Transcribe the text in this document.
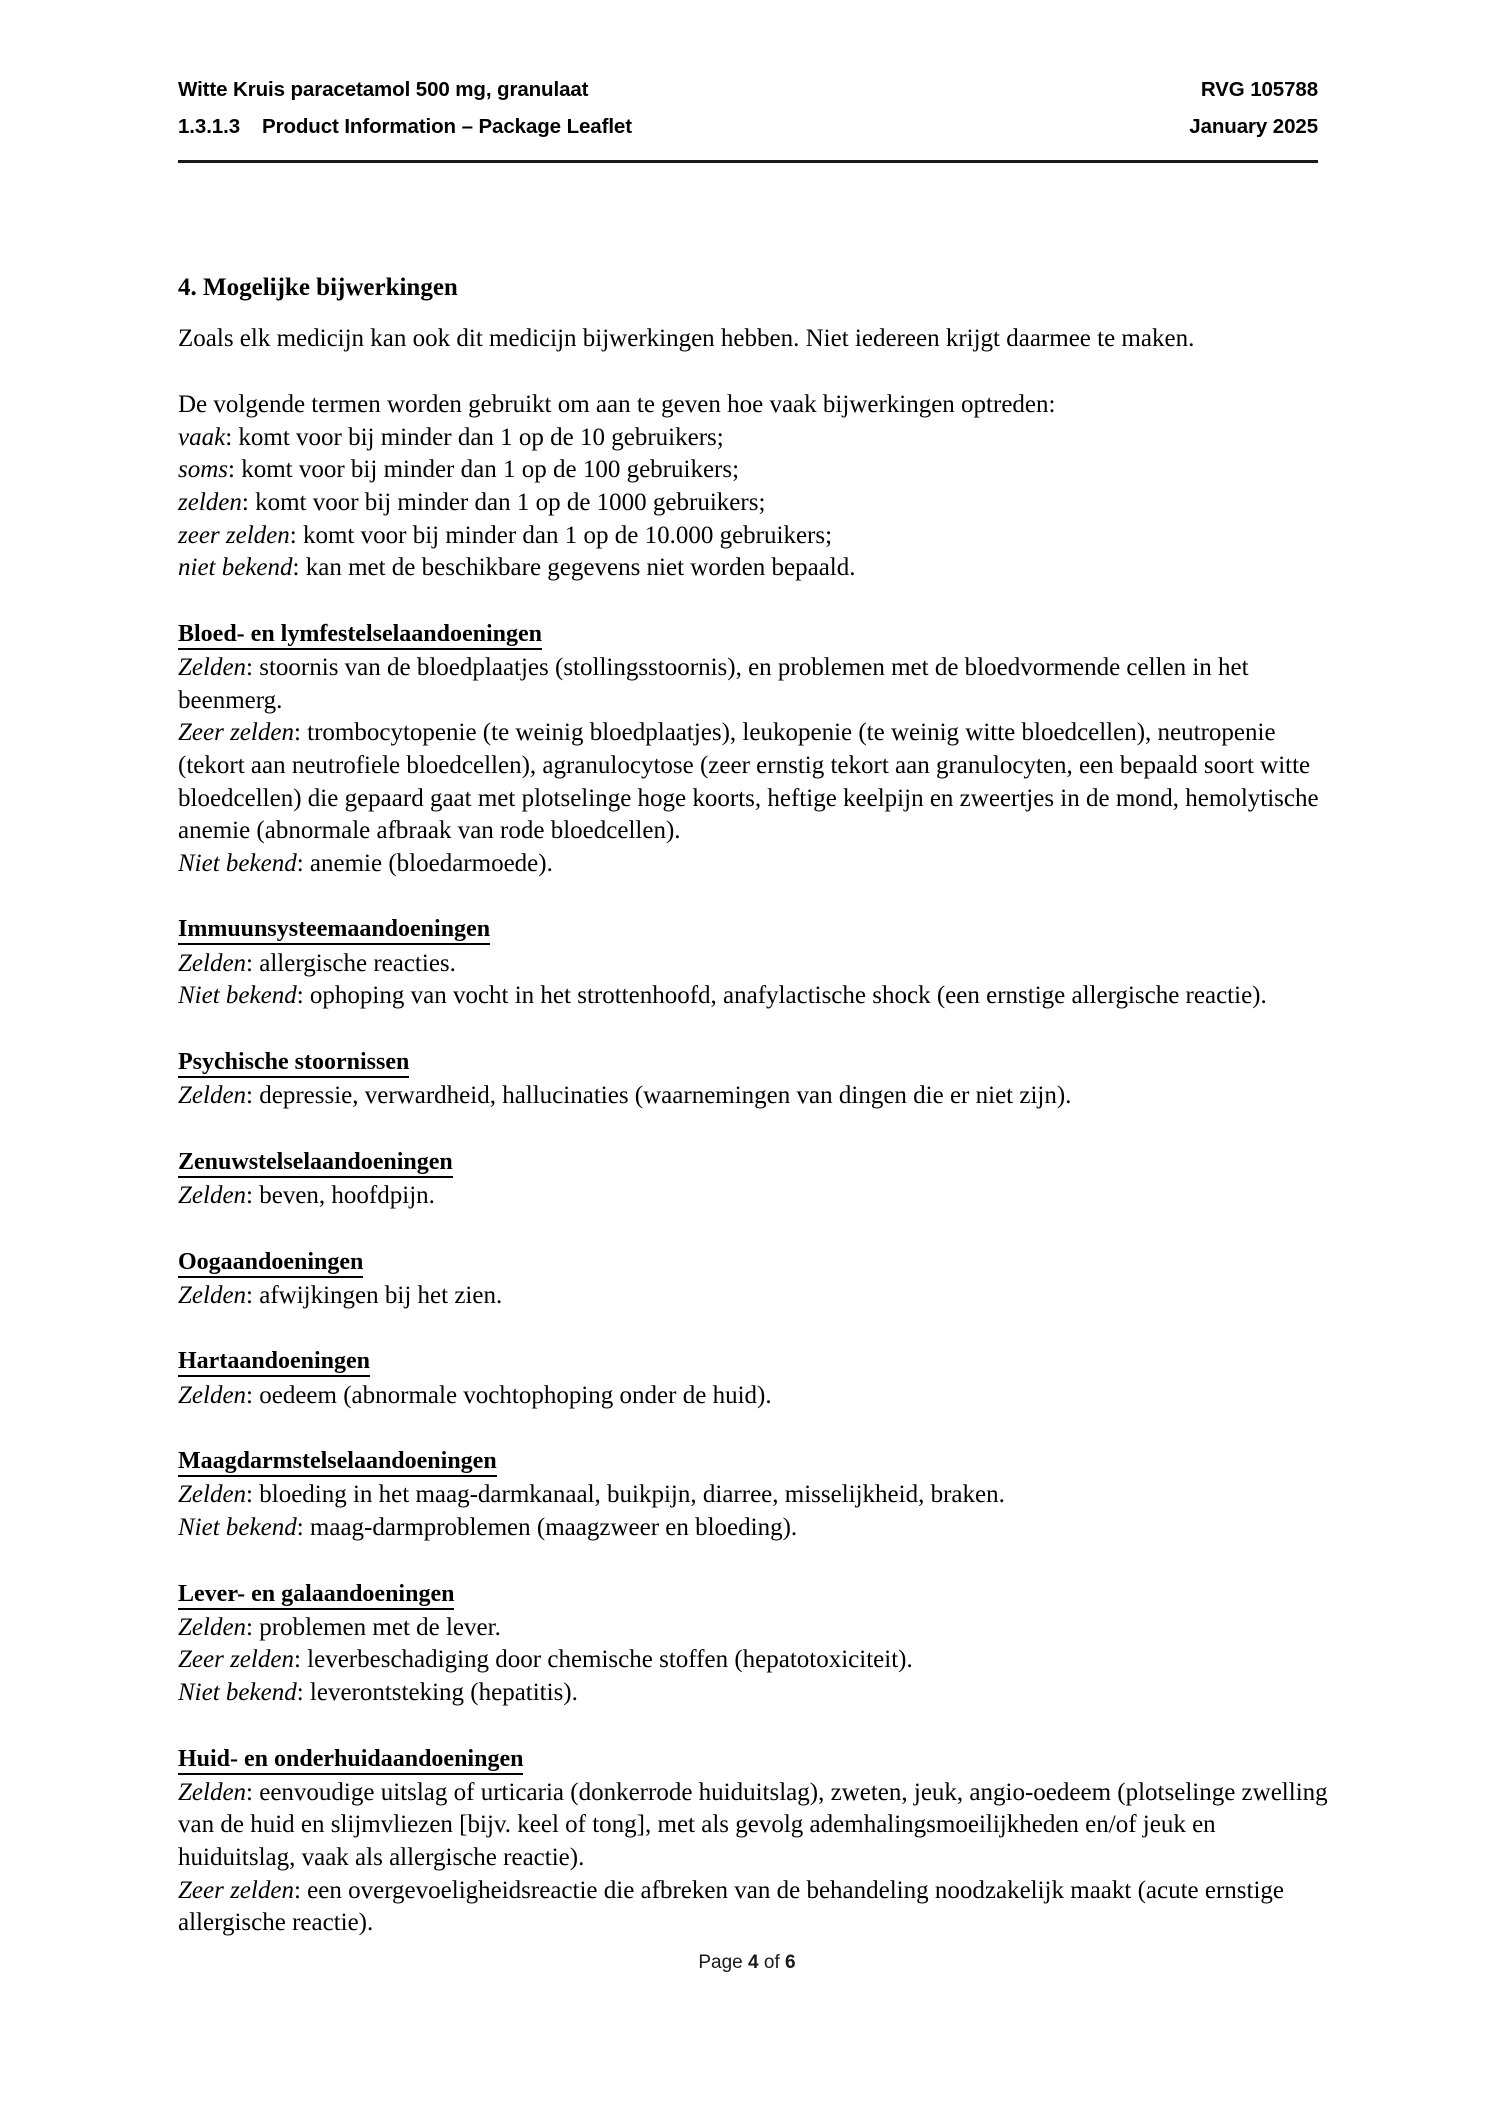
Witte Kruis paracetamol 500 mg, granulaat	RVG 105788
1.3.1.3 Product Information – Package Leaflet	January 2025
4. Mogelijke bijwerkingen

Zoals elk medicijn kan ook dit medicijn bijwerkingen hebben. Niet iedereen krijgt daarmee te maken.

De volgende termen worden gebruikt om aan te geven hoe vaak bijwerkingen optreden:

vaak: komt voor bij minder dan 1 op de 10 gebruikers;

soms: komt voor bij minder dan 1 op de 100 gebruikers;

zelden: komt voor bij minder dan 1 op de 1000 gebruikers;

zeer zelden: komt voor bij minder dan 1 op de 10.000 gebruikers;

niet bekend: kan met de beschikbare gegevens niet worden bepaald.

Bloed- en lymfestelselaandoeningen

Zelden: stoornis van de bloedplaatjes (stollingsstoornis), en problemen met de bloedvormende cellen in het beenmerg.

Zeer zelden: trombocytopenie (te weinig bloedplaatjes), leukopenie (te weinig witte bloedcellen), neutropenie (tekort aan neutrofiele bloedcellen), agranulocytose (zeer ernstig tekort aan granulocyten, een bepaald soort witte bloedcellen) die gepaard gaat met plotselinge hoge koorts, heftige keelpijn en zweertjes in de mond, hemolytische anemie (abnormale afbraak van rode bloedcellen).

Niet bekend: anemie (bloedarmoede).

Immuunsysteemaandoeningen

Zelden: allergische reacties.

Niet bekend: ophoping van vocht in het strottenhoofd, anafylactische shock (een ernstige allergische reactie).

Psychische stoornissen

Zelden: depressie, verwardheid, hallucinaties (waarnemingen van dingen die er niet zijn).

Zenuwstelselaandoeningen

Zelden: beven, hoofdpijn.

Oogaandoeningen

Zelden: afwijkingen bij het zien.

Hartaandoeningen

Zelden: oedeem (abnormale vochtophoping onder de huid).

Maagdarmstelselaandoeningen

Zelden: bloeding in het maag-darmkanaal, buikpijn, diarree, misselijkheid, braken.

Niet bekend: maag-darmproblemen (maagzweer en bloeding).

Lever- en galaandoeningen

Zelden: problemen met de lever.

Zeer zelden: leverbeschadiging door chemische stoffen (hepatotoxiciteit).

Niet bekend: leverontsteking (hepatitis).

Huid- en onderhuidaandoeningen

Zelden: eenvoudige uitslag of urticaria (donkerrode huiduitslag), zweten, jeuk, angio-oedeem (plotselinge zwelling van de huid en slijmvliezen [bijv. keel of tong], met als gevolg ademhalingsmoeilijkheden en/of jeuk en huiduitslag, vaak als allergische reactie).

Zeer zelden: een overgevoeligheidsreactie die afbreken van de behandeling noodzakelijk maakt (acute ernstige allergische reactie).

Page 4 of 6
